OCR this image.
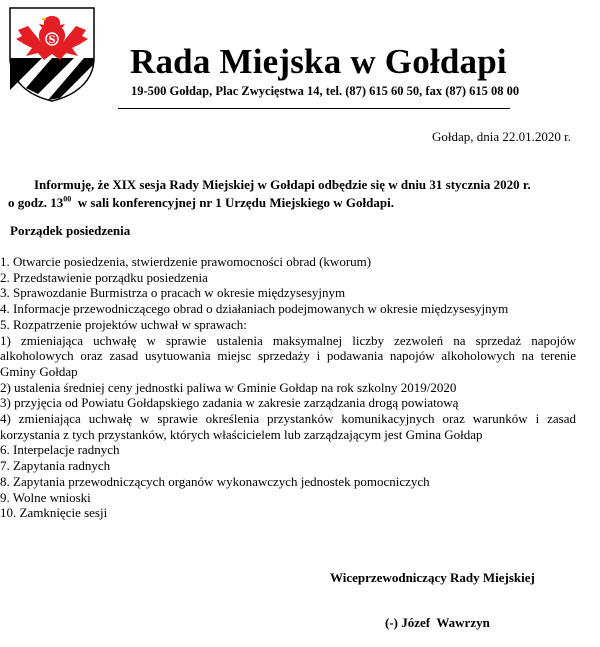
S
Rada Miejska w Gołdapi
19-500 Gołdap, Plac Zwycięstwa 14, tel. (87) 615 60 50, fax (87) 615 08 00
Gołdap, dnia 22.01.2020 r.
Informuję, że XIX sesja Rady Miejskiej w Gołdapi odbędzie się w dniu 31 stycznia 2020 r.
o godz. $13^{00}$  w sali konferencyjnej nr 1 Urzędu Miejskiego w Gołdapi.
Porządek posiedzenia

1. Otwarcie posiedzenia, stwierdzenie prawomocności obrad (kworum)

2. Przedstawienie porządku posiedzenia

3. Sprawozdanie Burmistrza o pracach w okresie międzysesyjnym

4. Informacje przewodniczącego obrad o działaniach podejmowanych w okresie międzysesyjnym

5. Rozpatrzenie projektów uchwał w sprawach:

1) zmieniająca uchwałę w sprawie ustalenia maksymalnej liczby zezwoleń na sprzedaż napojów alkoholowych oraz zasad usytuowania miejsc sprzedaży i podawania napojów alkoholowych na terenie Gminy Gołdap

2) ustalenia średniej ceny jednostki paliwa w Gminie Gołdap na rok szkolny 2019/2020

3) przyjęcia od Powiatu Gołdapskiego zadania w zakresie zarządzania drogą powiatową

4) zmieniająca uchwałę w sprawie określenia przystanków komunikacyjnych oraz warunków i zasad korzystania z tych przystanków, których właścicielem lub zarządzającym jest Gmina Gołdap

6. Interpelacje radnych

7. Zapytania radnych

8. Zapytania przewodniczących organów wykonawczych jednostek pomocniczych

9. Wolne wnioski

10. Zamknięcie sesji

Wiceprzewodniczący Rady Miejskiej
(-) Józef  Wawrzyn
